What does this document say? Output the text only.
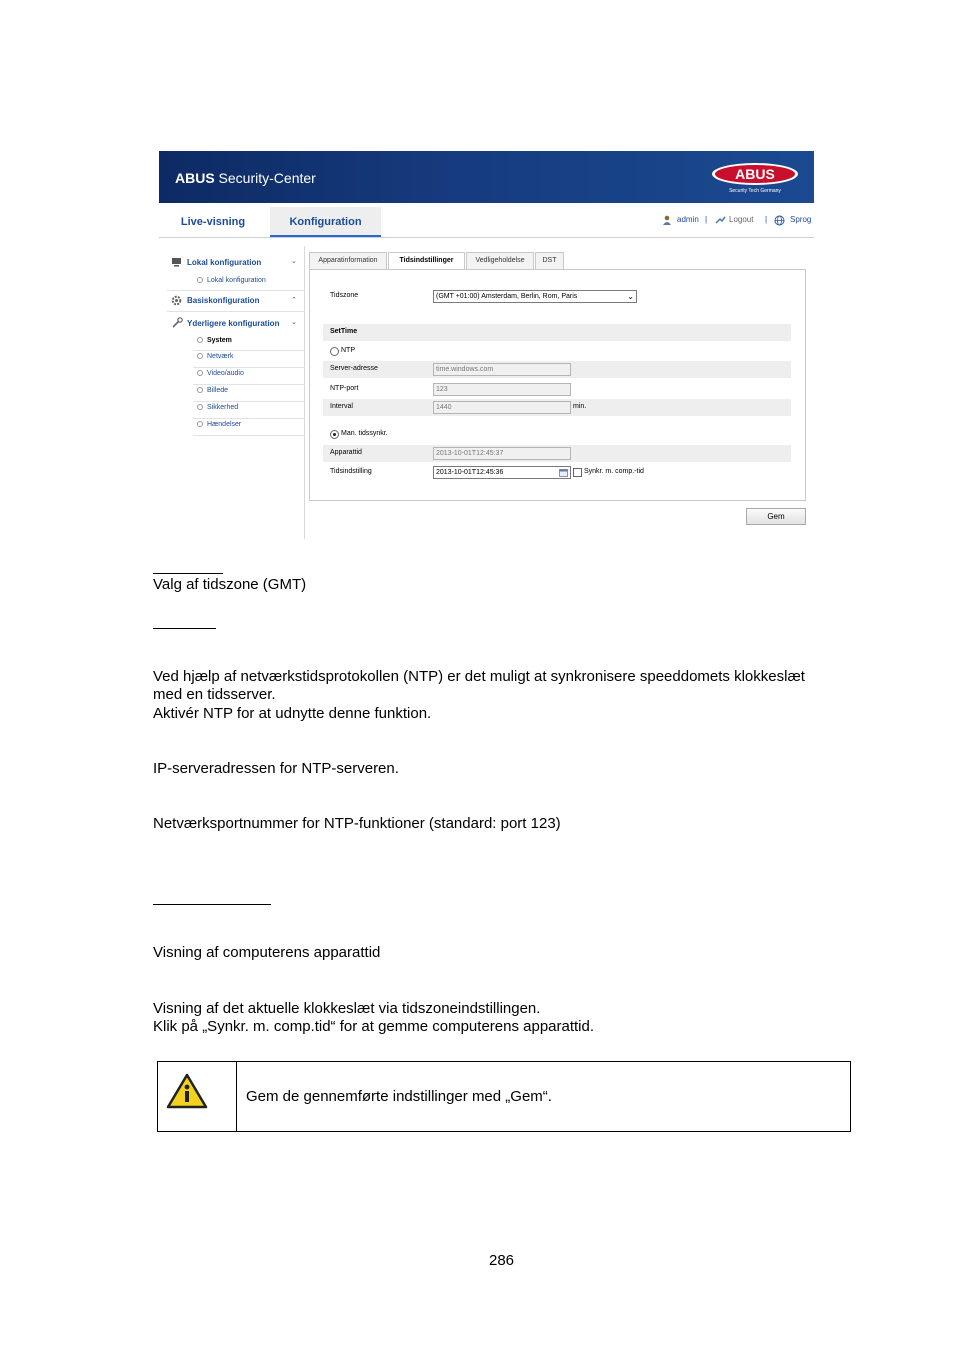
ABUS Security-Center	ABUS
Security Tech Germany
Live-visning	Konfiguration	admin |	Logout |	Sprog
Lokal konfiguration	⌄
Lokal konfiguration
Basiskonfiguration	⌃
Yderligere konfiguration ⌄
System
Netværk
Video/audio
Billede
Sikkerhed
Hændelser
Apparatinformation	Tidsindstillinger	Vedligeholdelse	DST
Tidszone	(GMT +01:00) Amsterdam, Berlin, Rom, Paris	⌄
SetTime
NTP
Server-adresse	time.windows.com
NTP-port	123
Interval	1440	min.
Man. tidssynkr.
Apparattid	2013-10-01T12:45:37
Tidsindstilling	2013-10-01T12:45:36	Synkr. m. comp.-tid
Gem
Valg af tidszone (GMT)
Ved hjælp af netværkstidsprotokollen (NTP) er det muligt at synkronisere speeddomets klokkeslæt
med en tidsserver.
Aktivér NTP for at udnytte denne funktion.
IP-serveradressen for NTP-serveren.
Netværksportnummer for NTP-funktioner (standard: port 123)
Visning af computerens apparattid
Visning af det aktuelle klokkeslæt via tidszoneindstillingen.
Klik på „Synkr. m. comp.tid“ for at gemme computerens apparattid.
Gem de gennemførte indstillinger med „Gem“.
286
